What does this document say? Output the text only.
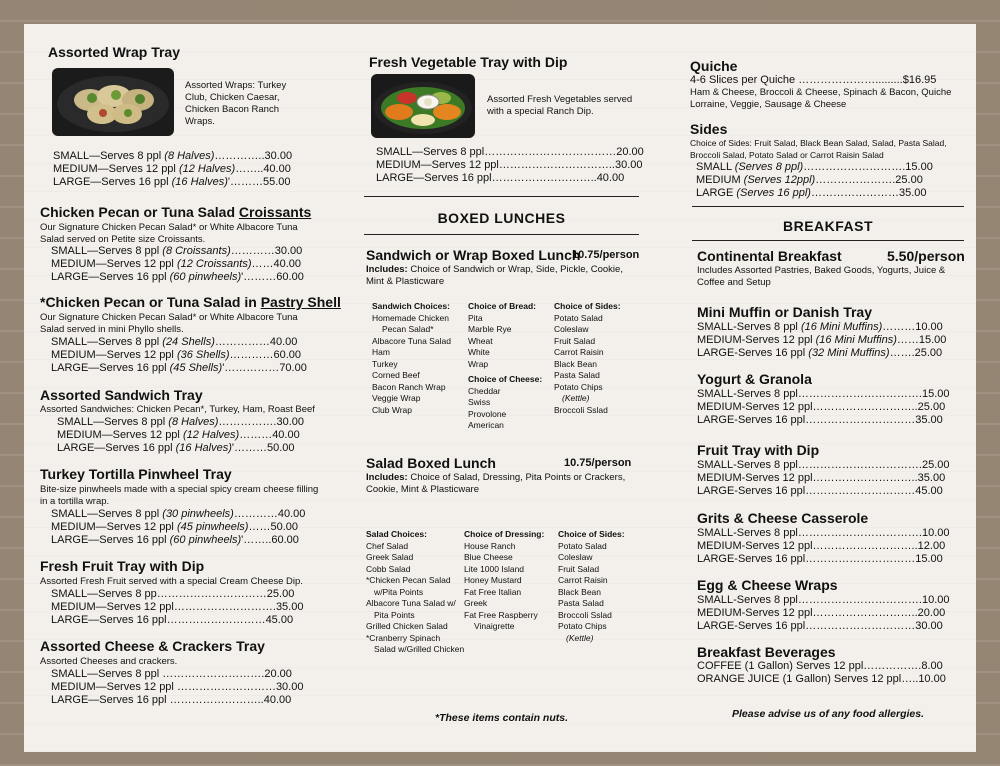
Assorted Wrap Tray
Assorted Wraps: Turkey Club, Chicken Caesar, Chicken Bacon Ranch Wraps.
SMALL—Serves 8 ppl (8 Halves)…………..30.00
MEDIUM—Serves 12 ppl (12 Halves)……..40.00
LARGE—Serves 16 ppl (16 Halves)'………55.00
Chicken Pecan or Tuna Salad Croissants
Our Signature Chicken Pecan Salad* or White Albacore Tuna Salad served on Petite size Croissants.
SMALL—Serves 8 ppl (8 Croissants)…………30.00
MEDIUM—Serves 12 ppl (12 Croissants)……40.00
LARGE—Serves 16 ppl (60 pinwheels)'………60.00
*Chicken Pecan or Tuna Salad in Pastry Shell
Our Signature Chicken Pecan Salad* or White Albacore Tuna Salad served in mini Phyllo shells.
SMALL—Serves 8 ppl (24 Shells)……………40.00
MEDIUM—Serves 12 ppl (36 Shells)…………60.00
LARGE—Serves 16 ppl (45 Shells)'……………70.00
Assorted Sandwich Tray
Assorted Sandwiches: Chicken Pecan*, Turkey, Ham, Roast Beef
SMALL—Serves 8 ppl (8 Halves)…………….30.00
MEDIUM—Serves 12 ppl (12 Halves)………40.00
LARGE—Serves 16 ppl (16 Halves)'………50.00
Turkey Tortilla Pinwheel Tray
Bite-size pinwheels made with a special spicy cream cheese filling in a tortilla wrap.
SMALL—Serves 8 ppl (30 pinwheels)…………40.00
MEDIUM—Serves 12 ppl (45 pinwheels)……50.00
LARGE—Serves 16 ppl (60 pinwheels)'……..60.00
Fresh Fruit Tray with Dip
Assorted Fresh Fruit served with a special Cream Cheese Dip.
SMALL—Serves 8 pp…………………………25.00
MEDIUM—Serves 12 ppl……………………….35.00
LARGE—Serves 16 ppl………………………45.00
Assorted Cheese & Crackers Tray
Assorted Cheeses and crackers.
SMALL—Serves 8 ppl ……………………….20.00
MEDIUM—Serves 12 ppl ………………………30.00
LARGE—Serves 16 ppl ……………………..40.00
Fresh Vegetable Tray with Dip
Assorted Fresh Vegetables served with a special Ranch Dip.
SMALL—Serves 8 ppl………………………………20.00
MEDIUM—Serves 12 ppl…………………………..30.00
LARGE—Serves 16 ppl………………………..40.00
BOXED LUNCHES
Sandwich or Wrap Boxed Lunch
10.75/person
Includes: Choice of Sandwich or Wrap, Side, Pickle, Cookie, Mint & Plasticware
Sandwich Choices:
Homemade Chicken
Pecan Salad*
Albacore Tuna Salad
Ham
Turkey
Corned Beef
Bacon Ranch Wrap
Veggie Wrap
Club Wrap
Choice of Bread:
Pita
Marble Rye
Wheat
White
Wrap
Choice of Cheese:
Cheddar
Swiss
Provolone
American
Choice of Sides:
Potato Salad
Coleslaw
Fruit Salad
Carrot Raisin
Black Bean
Pasta Salad
Potato Chips
(Kettle)
Broccoli Sslad
Salad Boxed Lunch	10.75/person
Includes: Choice of Salad, Dressing, Pita Points or Crackers, Cookie, Mint & Plasticware
Salad Choices:
Chef Salad
Greek Salad
Cobb Salad
*Chicken Pecan Salad
w/Pita Points
Albacore Tuna Salad w/
Pita Points
Grilled Chicken Salad
*Cranberry Spinach
Salad w/Grilled Chicken
Choice of Dressing:
House Ranch
Blue Cheese
Lite 1000 Island
Honey Mustard
Fat Free Italian
Greek
Fat Free Raspberry
Vinaigrette
Choice of Sides:
Potato Salad
Coleslaw
Fruit Salad
Carrot Raisin
Black Bean
Pasta Salad
Broccoli Sslad
Potato Chips
(Kettle)
*These items contain nuts.
Quiche
4-6 Slices per Quiche ………………….........$16.95
Ham & Cheese, Broccoli & Cheese, Spinach & Bacon, Quiche Lorraine, Veggie, Sausage & Cheese
Sides
Choice of Sides: Fruit Salad, Black Bean Salad, Salad, Pasta Salad, Broccoli Salad, Potato Salad or Carrot Raisin Salad
SMALL (Serves 8 ppl)……………………….15.00
MEDIUM (Serves 12ppl)………………….25.00
LARGE (Serves 16 ppl)……………………35.00
BREAKFAST
Continental Breakfast	5.50/person
Includes Assorted Pastries, Baked Goods, Yogurts, Juice & Coffee and Setup
Mini Muffin or Danish Tray
SMALL-Serves 8 ppl (16 Mini Muffins)………10.00
MEDIUM-Serves 12 ppl (16 Mini Muffins)……15.00
LARGE-Serves 16 ppl (32 Mini Muffins)…….25.00
Yogurt & Granola
SMALL-Serves 8 ppl…………………………….15.00
MEDIUM-Serves 12 ppl………………………..25.00
LARGE-Serves 16 ppl…………………………35.00
Fruit Tray with Dip
SMALL-Serves 8 ppl…………………………….25.00
MEDIUM-Serves 12 ppl………………………..35.00
LARGE-Serves 16 ppl…………………………45.00
Grits & Cheese Casserole
SMALL-Serves 8 ppl…………………………….10.00
MEDIUM-Serves 12 ppl………………………..12.00
LARGE-Serves 16 ppl…………………………15.00
Egg & Cheese Wraps
SMALL-Serves 8 ppl…………………………….10.00
MEDIUM-Serves 12 ppl………………………..20.00
LARGE-Serves 16 ppl…………………………30.00
Breakfast Beverages
COFFEE (1 Gallon) Serves 12 ppl…………….8.00
ORANGE JUICE (1 Gallon) Serves 12 ppl…..10.00
Please advise us of any food allergies.
